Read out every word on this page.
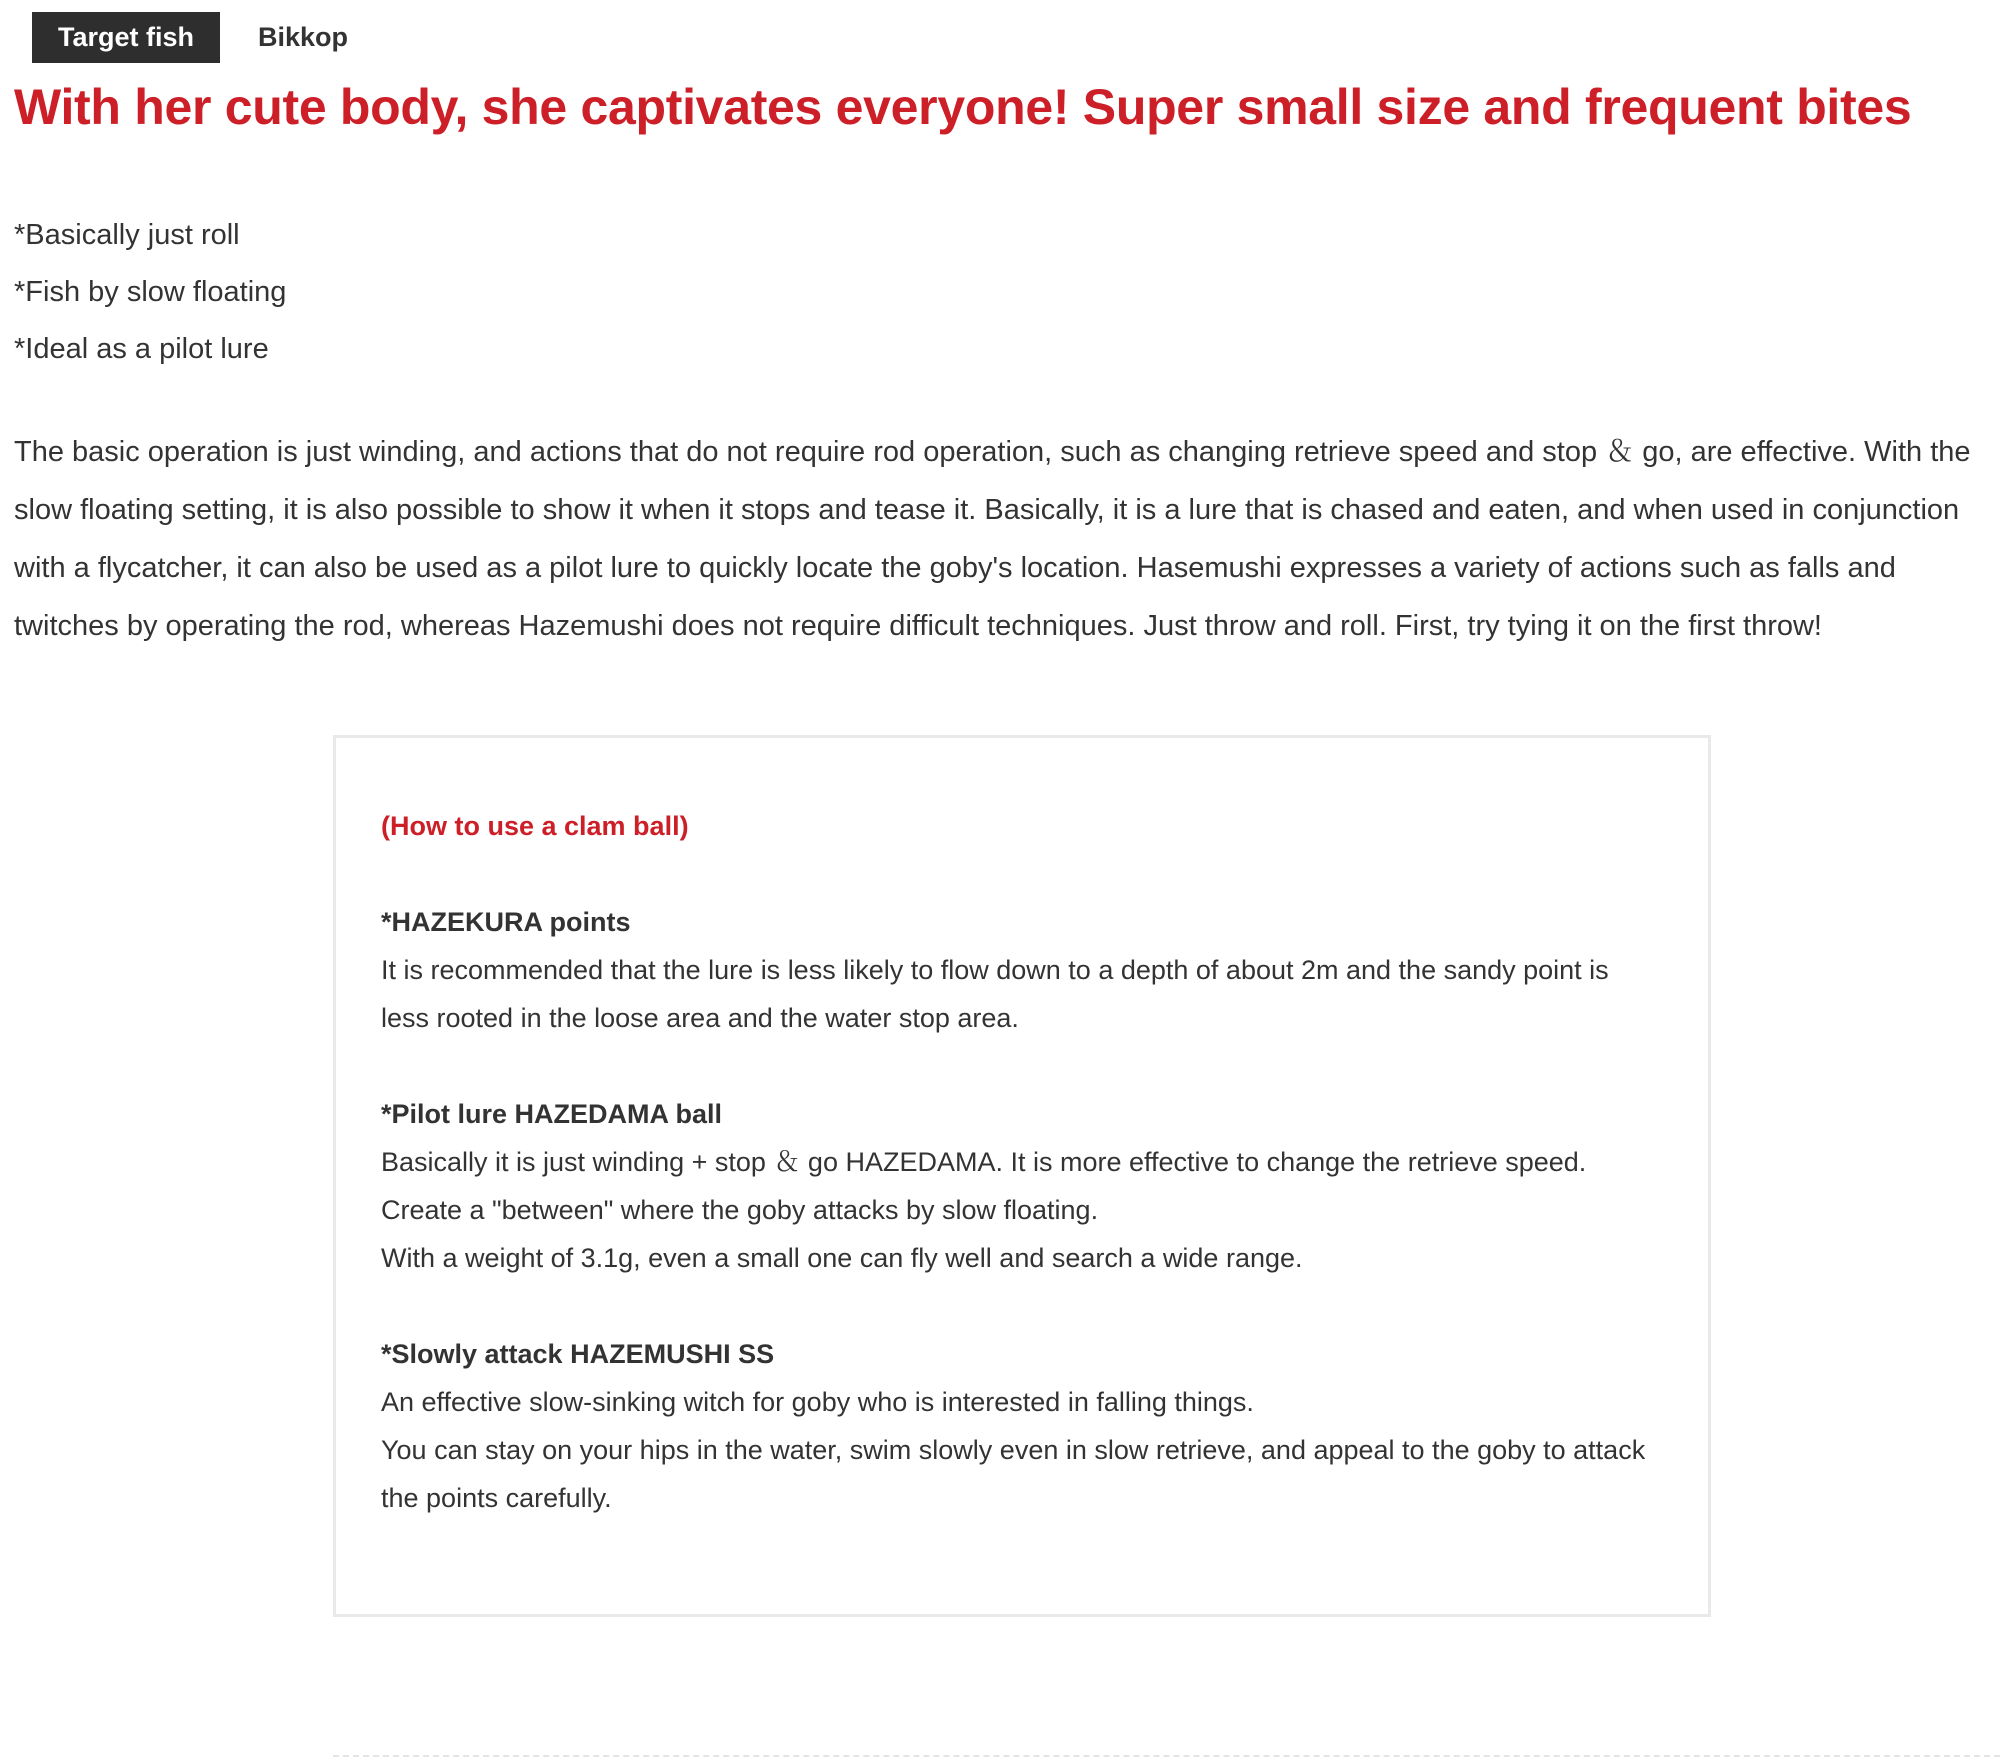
Target fish	Bikkop
With her cute body, she captivates everyone! Super small size and frequent bites

*Basically just roll

*Fish by slow floating

*Ideal as a pilot lure

The basic operation is just winding, and actions that do not require rod operation, such as changing retrieve speed and stop ＆ go, are effective. With the slow floating setting, it is also possible to show it when it stops and tease it. Basically, it is a lure that is chased and eaten, and when used in conjunction with a flycatcher, it can also be used as a pilot lure to quickly locate the goby's location. Hasemushi expresses a variety of actions such as falls and twitches by operating the rod, whereas Hazemushi does not require difficult techniques. Just throw and roll. First, try tying it on the first throw!

(How to use a clam ball)

*HAZEKURA points

It is recommended that the lure is less likely to flow down to a depth of about 2m and the sandy point is less rooted in the loose area and the water stop area.

*Pilot lure HAZEDAMA ball

Basically it is just winding + stop ＆ go HAZEDAMA. It is more effective to change the retrieve speed.

Create a "between" where the goby attacks by slow floating.

With a weight of 3.1g, even a small one can fly well and search a wide range.

*Slowly attack HAZEMUSHI SS

An effective slow-sinking witch for goby who is interested in falling things.

You can stay on your hips in the water, swim slowly even in slow retrieve, and appeal to the goby to attack the points carefully.
